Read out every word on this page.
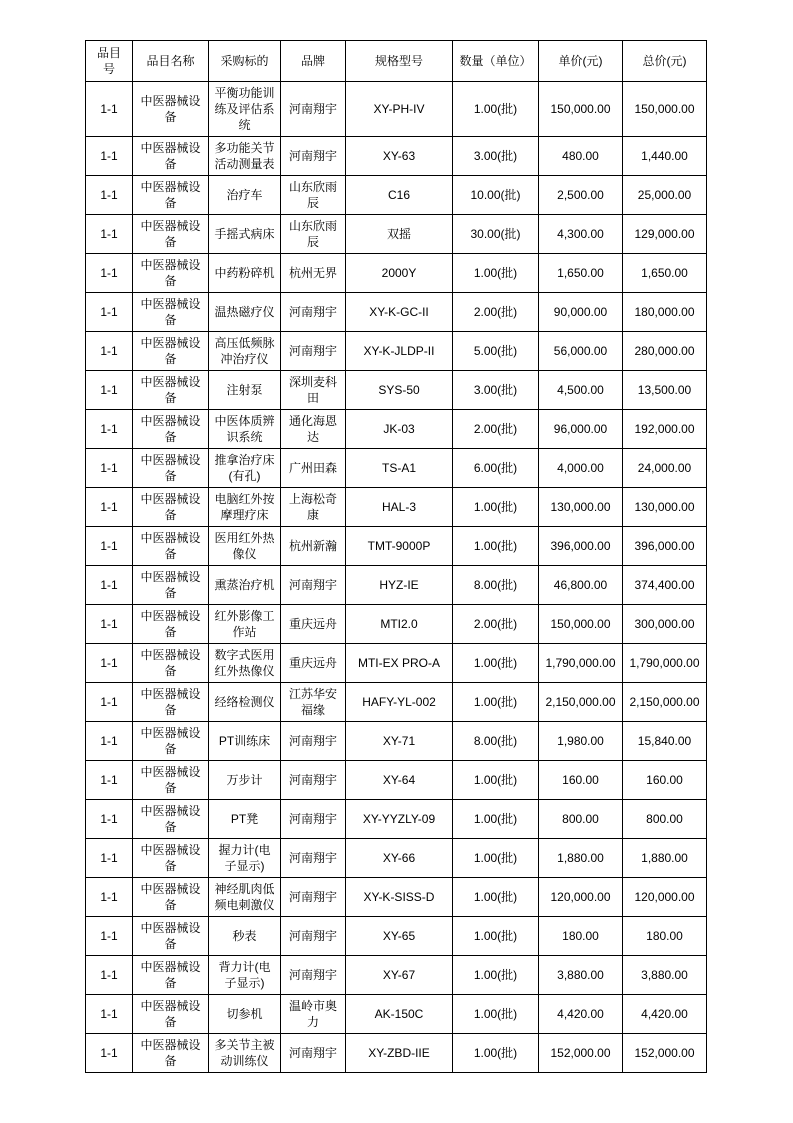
品目号	品目名称	采购标的	品牌	规格型号	数量（单位）	单价(元)	总价(元)
1-1	中医器械设备	平衡功能训练及评估系统	河南翔宇	XY-PH-IV	1.00(批)	150,000.00	150,000.00
1-1	中医器械设备	多功能关节活动测量表	河南翔宇	XY-63	3.00(批)	480.00	1,440.00
1-1	中医器械设备	治疗车	山东欣雨辰	C16	10.00(批)	2,500.00	25,000.00
1-1	中医器械设备	手摇式病床	山东欣雨辰	双摇	30.00(批)	4,300.00	129,000.00
1-1	中医器械设备	中药粉碎机	杭州无界	2000Y	1.00(批)	1,650.00	1,650.00
1-1	中医器械设备	温热磁疗仪	河南翔宇	XY-K-GC-II	2.00(批)	90,000.00	180,000.00
1-1	中医器械设备	高压低频脉冲治疗仪	河南翔宇	XY-K-JLDP-II	5.00(批)	56,000.00	280,000.00
1-1	中医器械设备	注射泵	深圳麦科田	SYS-50	3.00(批)	4,500.00	13,500.00
1-1	中医器械设备	中医体质辨识系统	通化海恩达	JK-03	2.00(批)	96,000.00	192,000.00
1-1	中医器械设备	推拿治疗床(有孔)	广州田森	TS-A1	6.00(批)	4,000.00	24,000.00
1-1	中医器械设备	电脑红外按摩理疗床	上海松奇康	HAL-3	1.00(批)	130,000.00	130,000.00
1-1	中医器械设备	医用红外热像仪	杭州新瀚	TMT-9000P	1.00(批)	396,000.00	396,000.00
1-1	中医器械设备	熏蒸治疗机	河南翔宇	HYZ-IE	8.00(批)	46,800.00	374,400.00
1-1	中医器械设备	红外影像工作站	重庆远舟	MTI2.0	2.00(批)	150,000.00	300,000.00
1-1	中医器械设备	数字式医用红外热像仪	重庆远舟	MTI-EX PRO-A	1.00(批)	1,790,000.00	1,790,000.00
1-1	中医器械设备	经络检测仪	江苏华安福缘	HAFY-YL-002	1.00(批)	2,150,000.00	2,150,000.00
1-1	中医器械设备	PT训练床	河南翔宇	XY-71	8.00(批)	1,980.00	15,840.00
1-1	中医器械设备	万步计	河南翔宇	XY-64	1.00(批)	160.00	160.00
1-1	中医器械设备	PT凳	河南翔宇	XY-YYZLY-09	1.00(批)	800.00	800.00
1-1	中医器械设备	握力计(电子显示)	河南翔宇	XY-66	1.00(批)	1,880.00	1,880.00
1-1	中医器械设备	神经肌肉低频电刺激仪	河南翔宇	XY-K-SISS-D	1.00(批)	120,000.00	120,000.00
1-1	中医器械设备	秒表	河南翔宇	XY-65	1.00(批)	180.00	180.00
1-1	中医器械设备	背力计(电子显示)	河南翔宇	XY-67	1.00(批)	3,880.00	3,880.00
1-1	中医器械设备	切参机	温岭市奥力	AK-150C	1.00(批)	4,420.00	4,420.00
1-1	中医器械设备	多关节主被动训练仪	河南翔宇	XY-ZBD-IIE	1.00(批)	152,000.00	152,000.00
